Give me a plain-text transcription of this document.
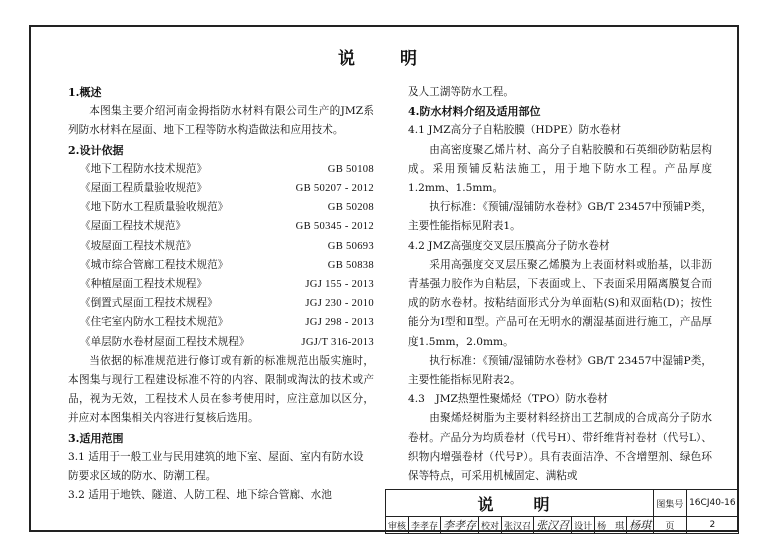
说　明

1.概述

本图集主要介绍河南金拇指防水材料有限公司生产的JMZ系列防水材料在屋面、地下工程等防水构造做法和应用技术。

2.设计依据

《地下工程防水技术规范》	GB 50108
《屋面工程质量验收规范》	GB 50207 - 2012
《地下防水工程质量验收规范》	GB 50208
《屋面工程技术规范》	GB 50345 - 2012
《坡屋面工程技术规范》	GB 50693
《城市综合管廊工程技术规范》	GB 50838
《种植屋面工程技术规程》	JGJ 155 - 2013
《倒置式屋面工程技术规程》	JGJ 230 - 2010
《住宅室内防水工程技术规范》	JGJ 298 - 2013
《单层防水卷材屋面工程技术规程》	JGJ/T 316-2013

当依据的标准规范进行修订或有新的标准规范出版实施时，本图集与现行工程建设标准不符的内容、限制或淘汰的技术或产品，视为无效，工程技术人员在参考使用时，应注意加以区分，并应对本图集相关内容进行复核后选用。

3.适用范围

3.1 适用于一般工业与民用建筑的地下室、屋面、室内有防水设防要求区域的防水、防潮工程。

3.2 适用于地铁、隧道、人防工程、地下综合管廊、水池

及人工湖等防水工程。

4.防水材料介绍及适用部位

4.1 JMZ高分子自粘胶膜（HDPE）防水卷材

由高密度聚乙烯片材、高分子自粘胶膜和石英细砂防粘层构成。采用预铺反粘法施工，用于地下防水工程。产品厚度1.2mm、1.5mm。

执行标准：《预铺/湿铺防水卷材》GB/T 23457中预铺P类，主要性能指标见附表1。

4.2 JMZ高强度交叉层压膜高分子防水卷材

采用高强度交叉层压聚乙烯膜为上表面材料或胎基，以非沥青基强力胶作为自粘层，下表面或上、下表面采用隔离膜复合而成的防水卷材。按粘结面形式分为单面粘(S)和双面粘(D)；按性能分为Ⅰ型和Ⅱ型。产品可在无明水的潮湿基面进行施工，产品厚度1.5mm，2.0mm。

执行标准：《预铺/湿铺防水卷材》GB/T 23457中湿铺P类，主要性能指标见附表2。

4.3　JMZ热塑性聚烯烃（TPO）防水卷材

由聚烯烃树脂为主要材料经挤出工艺制成的合成高分子防水卷材。产品分为均质卷材（代号H）、带纤维背衬卷材（代号L）、织物内增强卷材（代号P）。具有表面洁净、不含增塑剂、绿色环保等特点，可采用机械固定、满粘或

说　明									图集号	16CJ40-16
审核	李孝存	李孝存	校对	张汉召	张汉召	设计	杨　琪	杨琪	页	2
